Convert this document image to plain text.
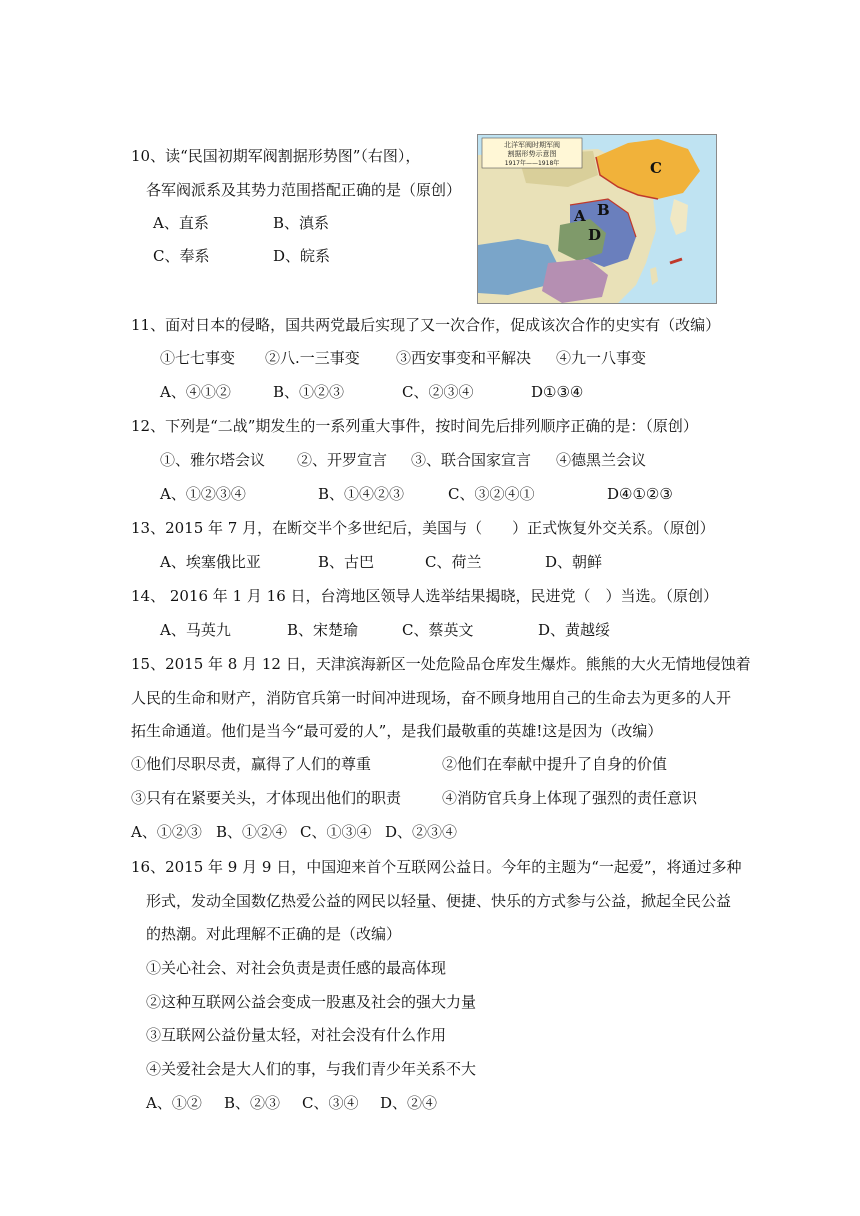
10、读“民国初期军阀割据形势图”（右图），
各军阀派系及其势力范围搭配正确的是（原创）
A、直系	B、滇系
C、奉系	D、皖系
北洋军阀时期军阀
割据形势示意图
1917年——1918年
A B
C
D
11、面对日本的侵略，国共两党最后实现了又一次合作，促成该次合作的史实有（改编）
①七七事变 ②八.一三事变 ③西安事变和平解决 ④九一八事变
A、④①②	B、①②③	C、②③④	D①③④
12、下列是“二战”期发生的一系列重大事件，按时间先后排列顺序正确的是：（原创）
①、雅尔塔会议 ②、开罗宣言 ③、联合国家宣言 ④德黑兰会议
A、①②③④	B、①④②③	C、③②④①	D④①②③
13、2015 年 7 月，在断交半个多世纪后，美国与（　　）正式恢复外交关系。（原创）
A、埃塞俄比亚	B、古巴	C、荷兰	D、朝鲜
14、 2016 年 1 月 16 日，台湾地区领导人选举结果揭晓，民进党（　）当选。（原创）
A、马英九	B、宋楚瑜	C、蔡英文	D、黄越绥
15、2015 年 8 月 12 日，天津滨海新区一处危险品仓库发生爆炸。熊熊的大火无情地侵蚀着
人民的生命和财产，消防官兵第一时间冲进现场，奋不顾身地用自己的生命去为更多的人开
拓生命通道。他们是当今“最可爱的人”，是我们最敬重的英雄!这是因为（改编）
①他们尽职尽责，赢得了人们的尊重	②他们在奉献中提升了自身的价值
③只有在紧要关头，才体现出他们的职责	④消防官兵身上体现了强烈的责任意识
A、①②③ B、①②④ C、①③④ D、②③④
16、2015 年 9 月 9 日，中国迎来首个互联网公益日。今年的主题为“一起爱”，将通过多种
形式，发动全国数亿热爱公益的网民以轻量、便捷、快乐的方式参与公益，掀起全民公益
的热潮。对此理解不正确的是（改编）
①关心社会、对社会负责是责任感的最高体现
②这种互联网公益会变成一股惠及社会的强大力量
③互联网公益份量太轻，对社会没有什么作用
④关爱社会是大人们的事，与我们青少年关系不大
A、①② B、②③ C、③④ D、②④
